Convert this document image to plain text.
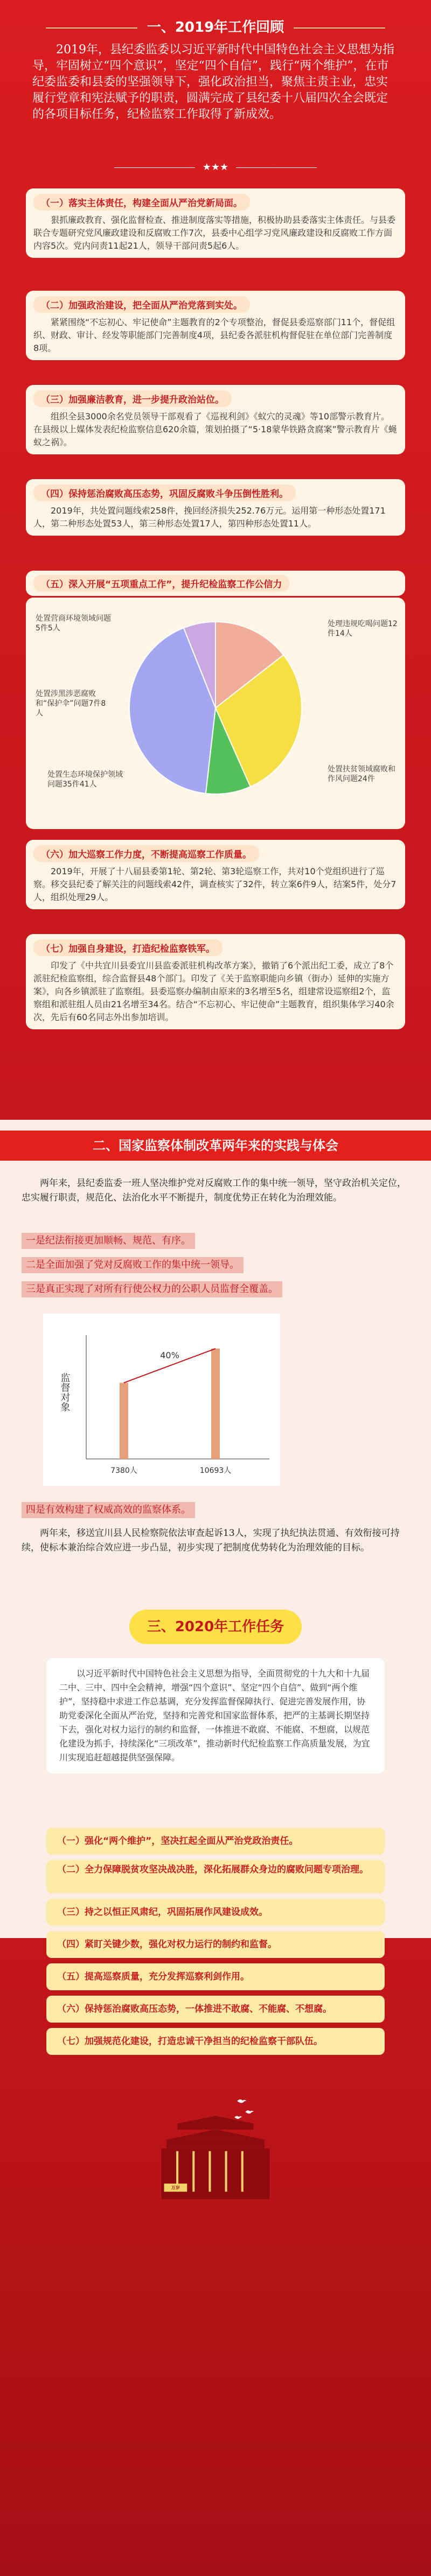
一、2019年工作回顾
2019年，县纪委监委以习近平新时代中国特色社会主义思想为指导，牢固树立“四个意识”，坚定“四个自信”，践行“两个维护”，在市纪委监委和县委的坚强领导下，强化政治担当，聚焦主责主业，忠实履行党章和宪法赋予的职责，圆满完成了县纪委十八届四次全会既定的各项目标任务，纪检监察工作取得了新成效。
★★★
（一）落实主体责任，构建全面从严治党新局面。

狠抓廉政教育、强化监督检查、推进制度落实等措施，积极协助县委落实主体责任。与县委联合专题研究党风廉政建设和反腐败工作7次，县委中心组学习党风廉政建设和反腐败工作方面内容5次。党内问责11起21人，领导干部问责5起6人。

（二）加强政治建设，把全面从严治党落到实处。

紧紧围绕“不忘初心、牢记使命”主题教育的2个专项整治，督促县委巡察部门11个，督促组织、财政、审计、经发等职能部门完善制度4项，县纪委各派驻机构督促驻在单位部门完善制度8项。

（三）加强廉洁教育，进一步提升政治站位。

组织全县3000余名党员领导干部观看了《巡视利剑》《蚁穴的灵魂》等10部警示教育片。在县级以上媒体发表纪检监察信息620余篇，策划拍摄了“5·18蒙华铁路贪腐案”警示教育片《蝇蚁之祸》。

（四）保持惩治腐败高压态势，巩固反腐败斗争压倒性胜利。

2019年，共处置问题线索258件，挽回经济损失252.76万元。运用第一种形态处置171人，第二种形态处置53人，第三种形态处置17人，第四种形态处置11人。

（五）深入开展“五项重点工作”，提升纪检监察工作公信力
处置营商环境领域问题5件5人
处置涉黑涉恶腐败和“保护伞”问题7件8人
处置生态环境保护领域问题35件41人
处理违规吃喝问题12件14人
处置扶贫领域腐败和作风问题24件
（六）加大巡察工作力度，不断提高巡察工作质量。

2019年，开展了十八届县委第1轮、第2轮、第3轮巡察工作，共对10个党组织进行了巡察。移交县纪委了解关注的问题线索42件，调查核实了32件，转立案6件9人，结案5件，处分7人，组织处理29人。

（七）加强自身建设，打造纪检监察铁军。

印发了《中共宜川县委宜川县监委派驻机构改革方案》，撤销了6个派出纪工委，成立了8个派驻纪检监察组，综合监督县48个部门。印发了《关于监察职能向乡镇（街办）延伸的实施方案》，向各乡镇派驻了监察组。县委巡察办编制由原来的3名增至5名，组建常设巡察组2个，监察组和派驻组人员由21名增至34名。结合“不忘初心、牢记使命”主题教育，组织集体学习40余次，先后有60名同志外出参加培训。

二、国家监察体制改革两年来的实践与体会
两年来，县纪委监委一班人坚决维护党对反腐败工作的集中统一领导，坚守政治机关定位，忠实履行职责，规范化、法治化水平不断提升，制度优势正在转化为治理效能。
一是纪法衔接更加顺畅、规范、有序。
二是全面加强了党对反腐败工作的集中统一领导。
三是真正实现了对所有行使公权力的公职人员监督全覆盖。
监督对象
7380人	10693人
40%
四是有效构建了权威高效的监察体系。
两年来，移送宜川县人民检察院依法审查起诉13人，实现了执纪执法贯通、有效衔接可持续，使标本兼治综合效应进一步凸显，初步实现了把制度优势转化为治理效能的目标。
三、2020年工作任务

以习近平新时代中国特色社会主义思想为指导，全面贯彻党的十九大和十九届二中、三中、四中全会精神，增强“四个意识”、坚定“四个自信”、做到“两个维护”，坚持稳中求进工作总基调，充分发挥监督保障执行、促进完善发展作用，协助党委深化全面从严治党，坚持和完善党和国家监督体系，把严的主基调长期坚持下去，强化对权力运行的制约和监督，一体推进不敢腐、不能腐、不想腐，以规范化建设为抓手，持续深化“三项改革”，推动新时代纪检监察工作高质量发展，为宜川实现追赶超越提供坚强保障。

（一）强化“两个维护”，坚决扛起全面从严治党政治责任。
（二）全力保障脱贫攻坚决战决胜，深化拓展群众身边的腐败问题专项治理。
（三）持之以恒正风肃纪，巩固拓展作风建设成效。
（四）紧盯关键少数，强化对权力运行的制约和监督。
（五）提高巡察质量，充分发挥巡察利剑作用。
（六）保持惩治腐败高压态势，一体推进不敢腐、不能腐、不想腐。
（七）加强规范化建设，打造忠诚干净担当的纪检监察干部队伍。
万岁
